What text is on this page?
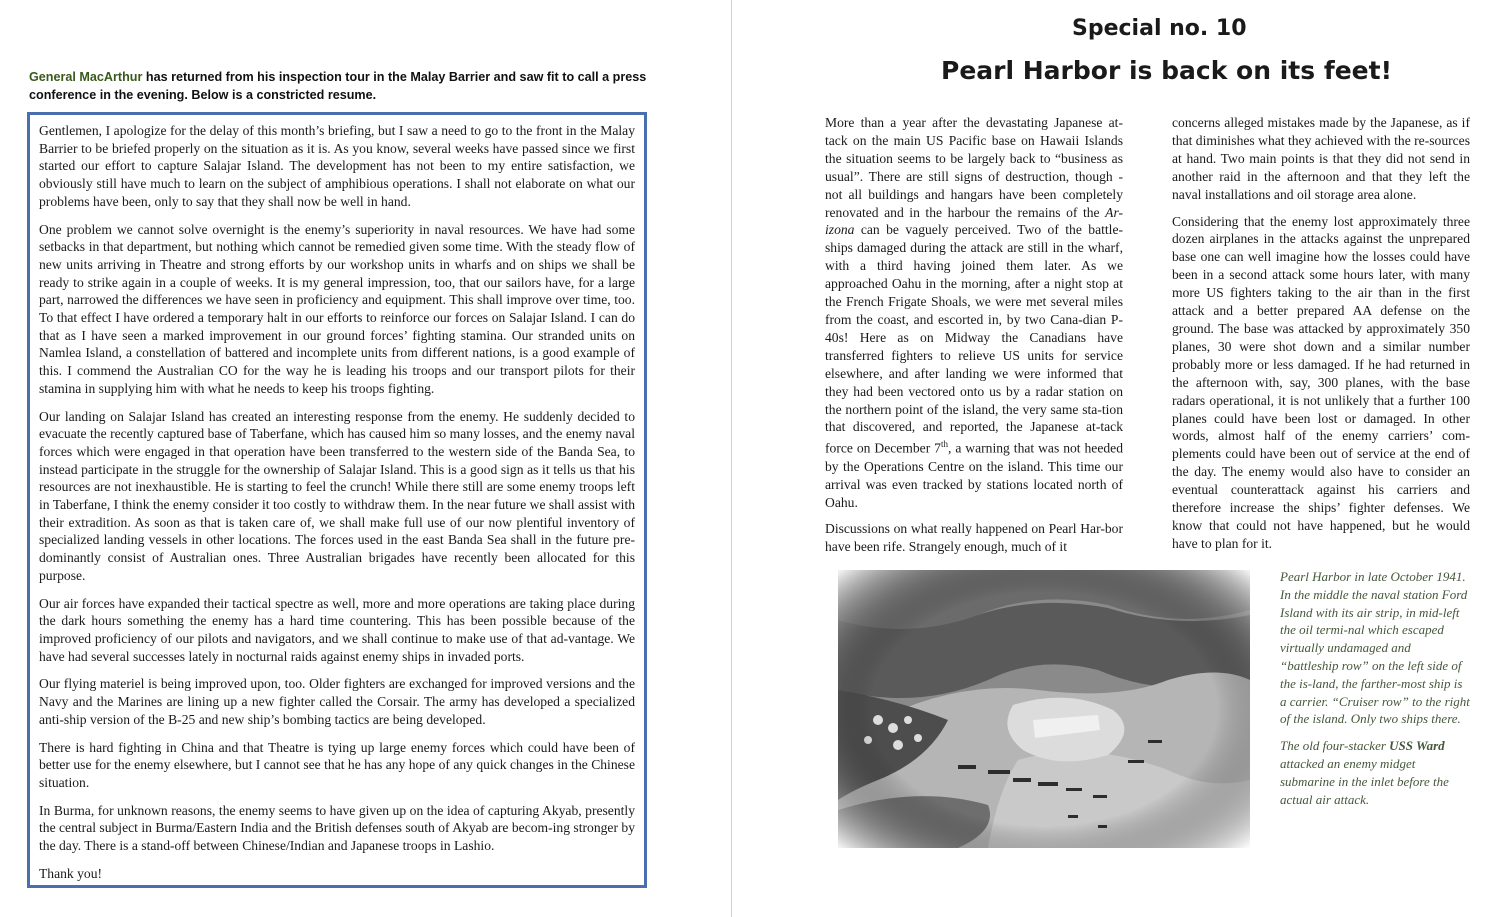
General MacArthur has returned from his inspection tour in the Malay Barrier and saw fit to call a press conference in the evening. Below is a constricted resume.

Gentlemen, I apologize for the delay of this month’s briefing, but I saw a need to go to the front in the Malay Barrier to be briefed properly on the situation as it is. As you know, several weeks have passed since we first started our effort to capture Salajar Island. The development has not been to my entire satisfaction, we obviously still have much to learn on the subject of amphibious operations. I shall not elaborate on what our problems have been, only to say that they shall now be well in hand.

One problem we cannot solve overnight is the enemy’s superiority in naval resources. We have had some setbacks in that department, but nothing which cannot be remedied given some time. With the steady flow of new units arriving in Theatre and strong efforts by our workshop units in wharfs and on ships we shall be ready to strike again in a couple of weeks. It is my general impression, too, that our sailors have, for a large part, narrowed the differences we have seen in proficiency and equipment. This shall improve over time, too. To that effect I have ordered a temporary halt in our efforts to reinforce our forces on Salajar Island. I can do that as I have seen a marked improvement in our ground forces’ fighting stamina. Our stranded units on Namlea Island, a constellation of battered and incomplete units from different nations, is a good example of this. I commend the Australian CO for the way he is leading his troops and our transport pilots for their stamina in supplying him with what he needs to keep his troops fighting.

Our landing on Salajar Island has created an interesting response from the enemy. He suddenly decided to evacuate the recently captured base of Taberfane, which has caused him so many losses, and the enemy naval forces which were engaged in that operation have been transferred to the western side of the Banda Sea, to instead participate in the struggle for the ownership of Salajar Island. This is a good sign as it tells us that his resources are not inexhaustible. He is starting to feel the crunch! While there still are some enemy troops left in Taberfane, I think the enemy consider it too costly to withdraw them. In the near future we shall assist with their extradition. As soon as that is taken care of, we shall make full use of our now plentiful inventory of specialized landing vessels in other locations. The forces used in the east Banda Sea shall in the future pre-dominantly consist of Australian ones. Three Australian brigades have recently been allocated for this purpose.

Our air forces have expanded their tactical spectre as well, more and more operations are taking place during the dark hours something the enemy has a hard time countering. This has been possible because of the improved proficiency of our pilots and navigators, and we shall continue to make use of that ad-vantage. We have had several successes lately in nocturnal raids against enemy ships in invaded ports.

Our flying materiel is being improved upon, too. Older fighters are exchanged for improved versions and the Navy and the Marines are lining up a new fighter called the Corsair. The army has developed a specialized anti-ship version of the B-25 and new ship’s bombing tactics are being developed.

There is hard fighting in China and that Theatre is tying up large enemy forces which could have been of better use for the enemy elsewhere, but I cannot see that he has any hope of any quick changes in the Chinese situation.

In Burma, for unknown reasons, the enemy seems to have given up on the idea of capturing Akyab, presently the central subject in Burma/Eastern India and the British defenses south of Akyab are becom-ing stronger by the day. There is a stand-off between Chinese/Indian and Japanese troops in Lashio.

Thank you!

Special no. 10
Pearl Harbor is back on its feet!

More than a year after the devastating Japanese at-tack on the main US Pacific base on Hawaii Islands the situation seems to be largely back to “business as usual”. There are still signs of destruction, though - not all buildings and hangars have been completely renovated and in the harbour the remains of the Ar-izona can be vaguely perceived. Two of the battle-ships damaged during the attack are still in the wharf, with a third having joined them later. As we approached Oahu in the morning, after a night stop at the French Frigate Shoals, we were met several miles from the coast, and escorted in, by two Cana-dian P-40s! Here as on Midway the Canadians have transferred fighters to relieve US units for service elsewhere, and after landing we were informed that they had been vectored onto us by a radar station on the northern point of the island, the very same sta-tion that discovered, and reported, the Japanese at-tack force on December 7th, a warning that was not heeded by the Operations Centre on the island. This time our arrival was even tracked by stations located north of Oahu.

Discussions on what really happened on Pearl Har-bor have been rife. Strangely enough, much of it

concerns alleged mistakes made by the Japanese, as if that diminishes what they achieved with the re-sources at hand. Two main points is that they did not send in another raid in the afternoon and that they left the naval installations and oil storage area alone.

Considering that the enemy lost approximately three dozen airplanes in the attacks against the unprepared base one can well imagine how the losses could have been in a second attack some hours later, with many more US fighters taking to the air than in the first attack and a better prepared AA defense on the ground. The base was attacked by approximately 350 planes, 30 were shot down and a similar number probably more or less damaged. If he had returned in the afternoon with, say, 300 planes, with the base radars operational, it is not unlikely that a further 100 planes could have been lost or damaged. In other words, almost half of the enemy carriers’ com-plements could have been out of service at the end of the day. The enemy would also have to consider an eventual counterattack against his carriers and therefore increase the ships’ fighter defenses. We know that could not have happened, but he would have to plan for it.

Pearl Harbor in late October 1941. In the middle the naval station Ford Island with its air strip, in mid-left the oil termi-nal which escaped virtually undamaged and “battleship row” on the left side of the is-land, the farther-most ship is a carrier. “Cruiser row” to the right of the island. Only two ships there.

The old four-stacker USS Ward attacked an enemy midget submarine in the inlet before the actual air attack.
